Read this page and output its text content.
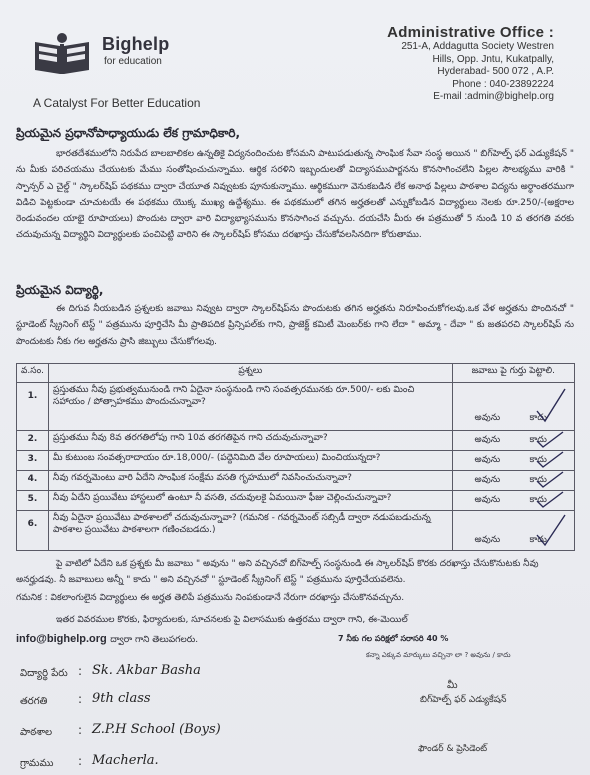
Bighelp
for education
A Catalyst For Better Education
Administrative Office :
251-A, Addagutta Society Westren
Hills, Opp. Jntu, Kukatpally,
Hyderabad- 500 072 , A.P.
Phone : 040-23892224
E-mail :admin@bighelp.org
ప్రియమైన ప్రధానోపాధ్యాయుడు లేక గ్రామాధికారి,
భారతదేశములోని నిరుపేద బాలబాలికల ఉన్నతికై విద్యనందించుట కోసమని పాటుపడుతున్న సాంఘిక సేవా సంస్థ అయిన " బిగ్‌హెల్ప్ ఫర్ ఎడ్యుకేషన్ " ను మీకు పరిచయము చేయుటకు మేము సంతోషించుచున్నాము. ఆర్థిక సరళిని ఇబ్బందులతో విద్యాసముపార్జనను కొనసాగించలేని పిల్లల సౌలభ్యము వారికి " స్పాన్సర్ ఎ చైల్డ్ " స్కాలర్‌షిప్ పథకము ద్వారా చేయూత నివ్వుటకు పూనుకున్నాము. ఆర్థికముగా వెనుకబడిన లేక అనాథ పిల్లలు పాఠశాల విద్యను అర్ధాంతరముగా విడిచి పెట్టకుండా చూచుటయే ఈ పథకము యొక్క ముఖ్య ఉద్దేశ్యము. ఈ పథకములో తగిన అర్హతలతో ఎన్నుకోబడిన విద్యార్థులు నెలకు రూ.250/-(అక్షరాల రెండువందల యాభై రూపాయలు) పొందుట ద్వారా వారి విద్యాభ్యాసమును కొనసాగించ వచ్చును. దయచేసి మీరు ఈ పత్రముతో 5 నుండి 10 వ తరగతి వరకు చదువుచున్న విద్యార్థిని విద్యార్థులకు పంచిపెట్టి వారిని ఈ స్కాలర్‌షిప్ కోసము దరఖాస్తు చేసుకోవలసినదిగా కోరుతాము.
ప్రియమైన విద్యార్థి,
ఈ దిగువ నీయబడిన ప్రశ్నలకు జవాబు నివ్వుట ద్వారా స్కాలర్‌షిప్‌ను పొందుటకు తగిన అర్హతను నిరూపించుకోగలవు.ఒక వేళ అర్హతను పొందినచో " స్టూడెంట్ స్క్రీనింగ్ టెస్ట్ " పత్రమును పూర్తిచేసి మీ ప్రాతిపదిక ప్రిన్సిపల్‌కు గాని, ప్రాజెక్ట్ కమిటీ మెంబర్‌కు గాని లేదా " అమ్మా - దేవా " కు జతపరచి స్కాలర్‌షిప్ ను పొందుటకు నీకు గల అర్హతను ప్రాసి జిబ్బులు చేసుకోగలవు.
వ.సం.	ప్రశ్నలు	జవాబు పై గుర్తు పెట్టాలి.
1.	ప్రస్తుతము నీవు ప్రభుత్వమునుండి గాని ఏదైనా సంస్థనుండి గాని సంవత్సరమునకు రూ.500/- లకు మించి సహాయం / పోత్సాహకము పొందుచున్నావా?	అవును కాదు

2.	ప్రస్తుతము నీవు 8వ తరగతిలోపు గాని 10వ తరగతిపైన గాని చదువుచున్నావా?	అవును కాదు

3.	మీ కుటుంబ సంవత్సరాదాయం రూ.18,000/- (పద్దెనిమిది వేల రూపాయలు) మించియున్నదా?	అవును కాదు

4.	నీవు గవర్నమెంటు వారి ఏదేని సాంఘిక సంక్షేమ వసతి గృహములో నివసించుచున్నావా?	అవును కాదు

5.	నీవు ఏదేని ప్రయివేటు హాస్టలులో ఉంటూ నీ వసతి, చదువులకై ఏమయినా ఫీజు చెల్లించుచున్నావా?	అవును కాదు

6.	నీవు ఏదైనా ప్రయివేటు పాఠశాలలో చదువుచున్నావా? (గమనిక - గవర్నమెంట్ సబ్సిడీ ద్వారా నడుపబడుచున్న పాఠశాల ప్రయివేటు పాఠశాలగా గణించబడదు.)	అవును కాదు
పై వాటిలో ఏదేని ఒక ప్రశ్నకు మీ జవాబు " అవును " అని వచ్చినచో బిగ్‌హెల్ప్ సంస్థనుండి ఈ స్కాలర్‌షిప్ కొరకు దరఖాస్తు చేసుకొనుటకు నీవు అనర్హుడవు. నీ జవాబులు అన్నీ " కాదు " అని వచ్చినచో " స్టూడెంట్ స్క్రీనింగ్ టెస్ట్ " పత్రమును పూర్తిచేయవలెను.
గమనిక : వికలాంగులైన విద్యార్థులు ఈ అర్హత తెలిపే పత్రమును నింపకుండానే నేరుగా దరఖాస్తు చేసుకొనవచ్చును.
ఇతర వివరముల కొరకు, ఫిర్యాదులకు, సూచనలకు పై విలాసముకు ఉత్తరము ద్వారా గాని, ఈ-మెయిల్
info@bighelp.org ద్వారా గాని తెలుపగలరు.	7 నీకు గల పరిక్షలో సరాసరి 40 %
కన్నా ఎక్కువ మార్కులు వచ్చినా లా ? అవును / కాదు
విద్యార్థి పేరు : Sk. Akbar Basha
తరగతి	: 9th class
పాఠశాల : Z.P.H School (Boys)
గ్రామము : Macherla.
మీ
బిగ్‌హెల్ప్ ఫర్ ఎడ్యుకేషన్
ఫౌండర్ & ప్రెసిడెంట్
